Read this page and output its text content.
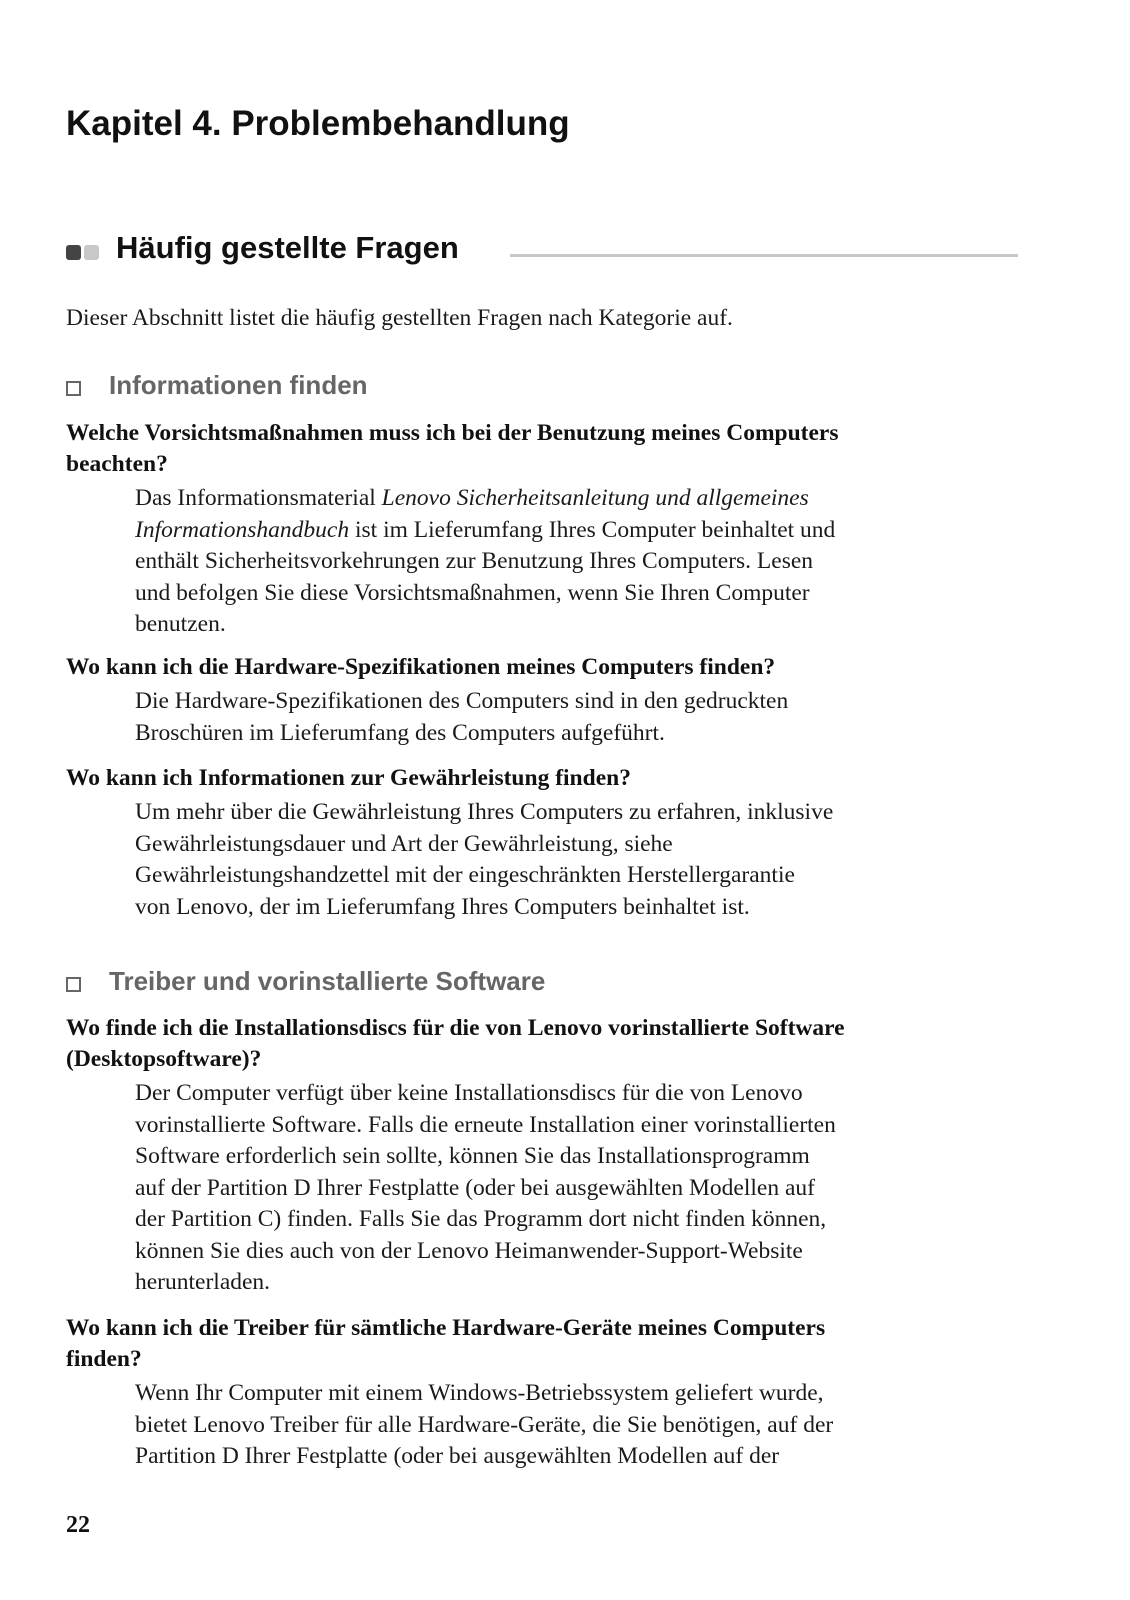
Kapitel 4. Problembehandlung
Häufig gestellte Fragen

Dieser Abschnitt listet die häufig gestellten Fragen nach Kategorie auf.

Informationen finden

Welche Vorsichtsmaßnahmen muss ich bei der Benutzung meines Computers
beachten?

Das Informationsmaterial Lenovo Sicherheitsanleitung und allgemeines
Informationshandbuch ist im Lieferumfang Ihres Computer beinhaltet und
enthält Sicherheitsvorkehrungen zur Benutzung Ihres Computers. Lesen
und befolgen Sie diese Vorsichtsmaßnahmen, wenn Sie Ihren Computer
benutzen.

Wo kann ich die Hardware-Spezifikationen meines Computers finden?

Die Hardware-Spezifikationen des Computers sind in den gedruckten
Broschüren im Lieferumfang des Computers aufgeführt.

Wo kann ich Informationen zur Gewährleistung finden?

Um mehr über die Gewährleistung Ihres Computers zu erfahren, inklusive
Gewährleistungsdauer und Art der Gewährleistung, siehe
Gewährleistungshandzettel mit der eingeschränkten Herstellergarantie
von Lenovo, der im Lieferumfang Ihres Computers beinhaltet ist.
Treiber und vorinstallierte Software

Wo finde ich die Installationsdiscs für die von Lenovo vorinstallierte Software
(Desktopsoftware)?

Der Computer verfügt über keine Installationsdiscs für die von Lenovo
vorinstallierte Software. Falls die erneute Installation einer vorinstallierten
Software erforderlich sein sollte, können Sie das Installationsprogramm
auf der Partition D Ihrer Festplatte (oder bei ausgewählten Modellen auf
der Partition C) finden. Falls Sie das Programm dort nicht finden können,
können Sie dies auch von der Lenovo Heimanwender-Support-Website
herunterladen.

Wo kann ich die Treiber für sämtliche Hardware-Geräte meines Computers
finden?

Wenn Ihr Computer mit einem Windows-Betriebssystem geliefert wurde,
bietet Lenovo Treiber für alle Hardware-Geräte, die Sie benötigen, auf der
Partition D Ihrer Festplatte (oder bei ausgewählten Modellen auf der
22
